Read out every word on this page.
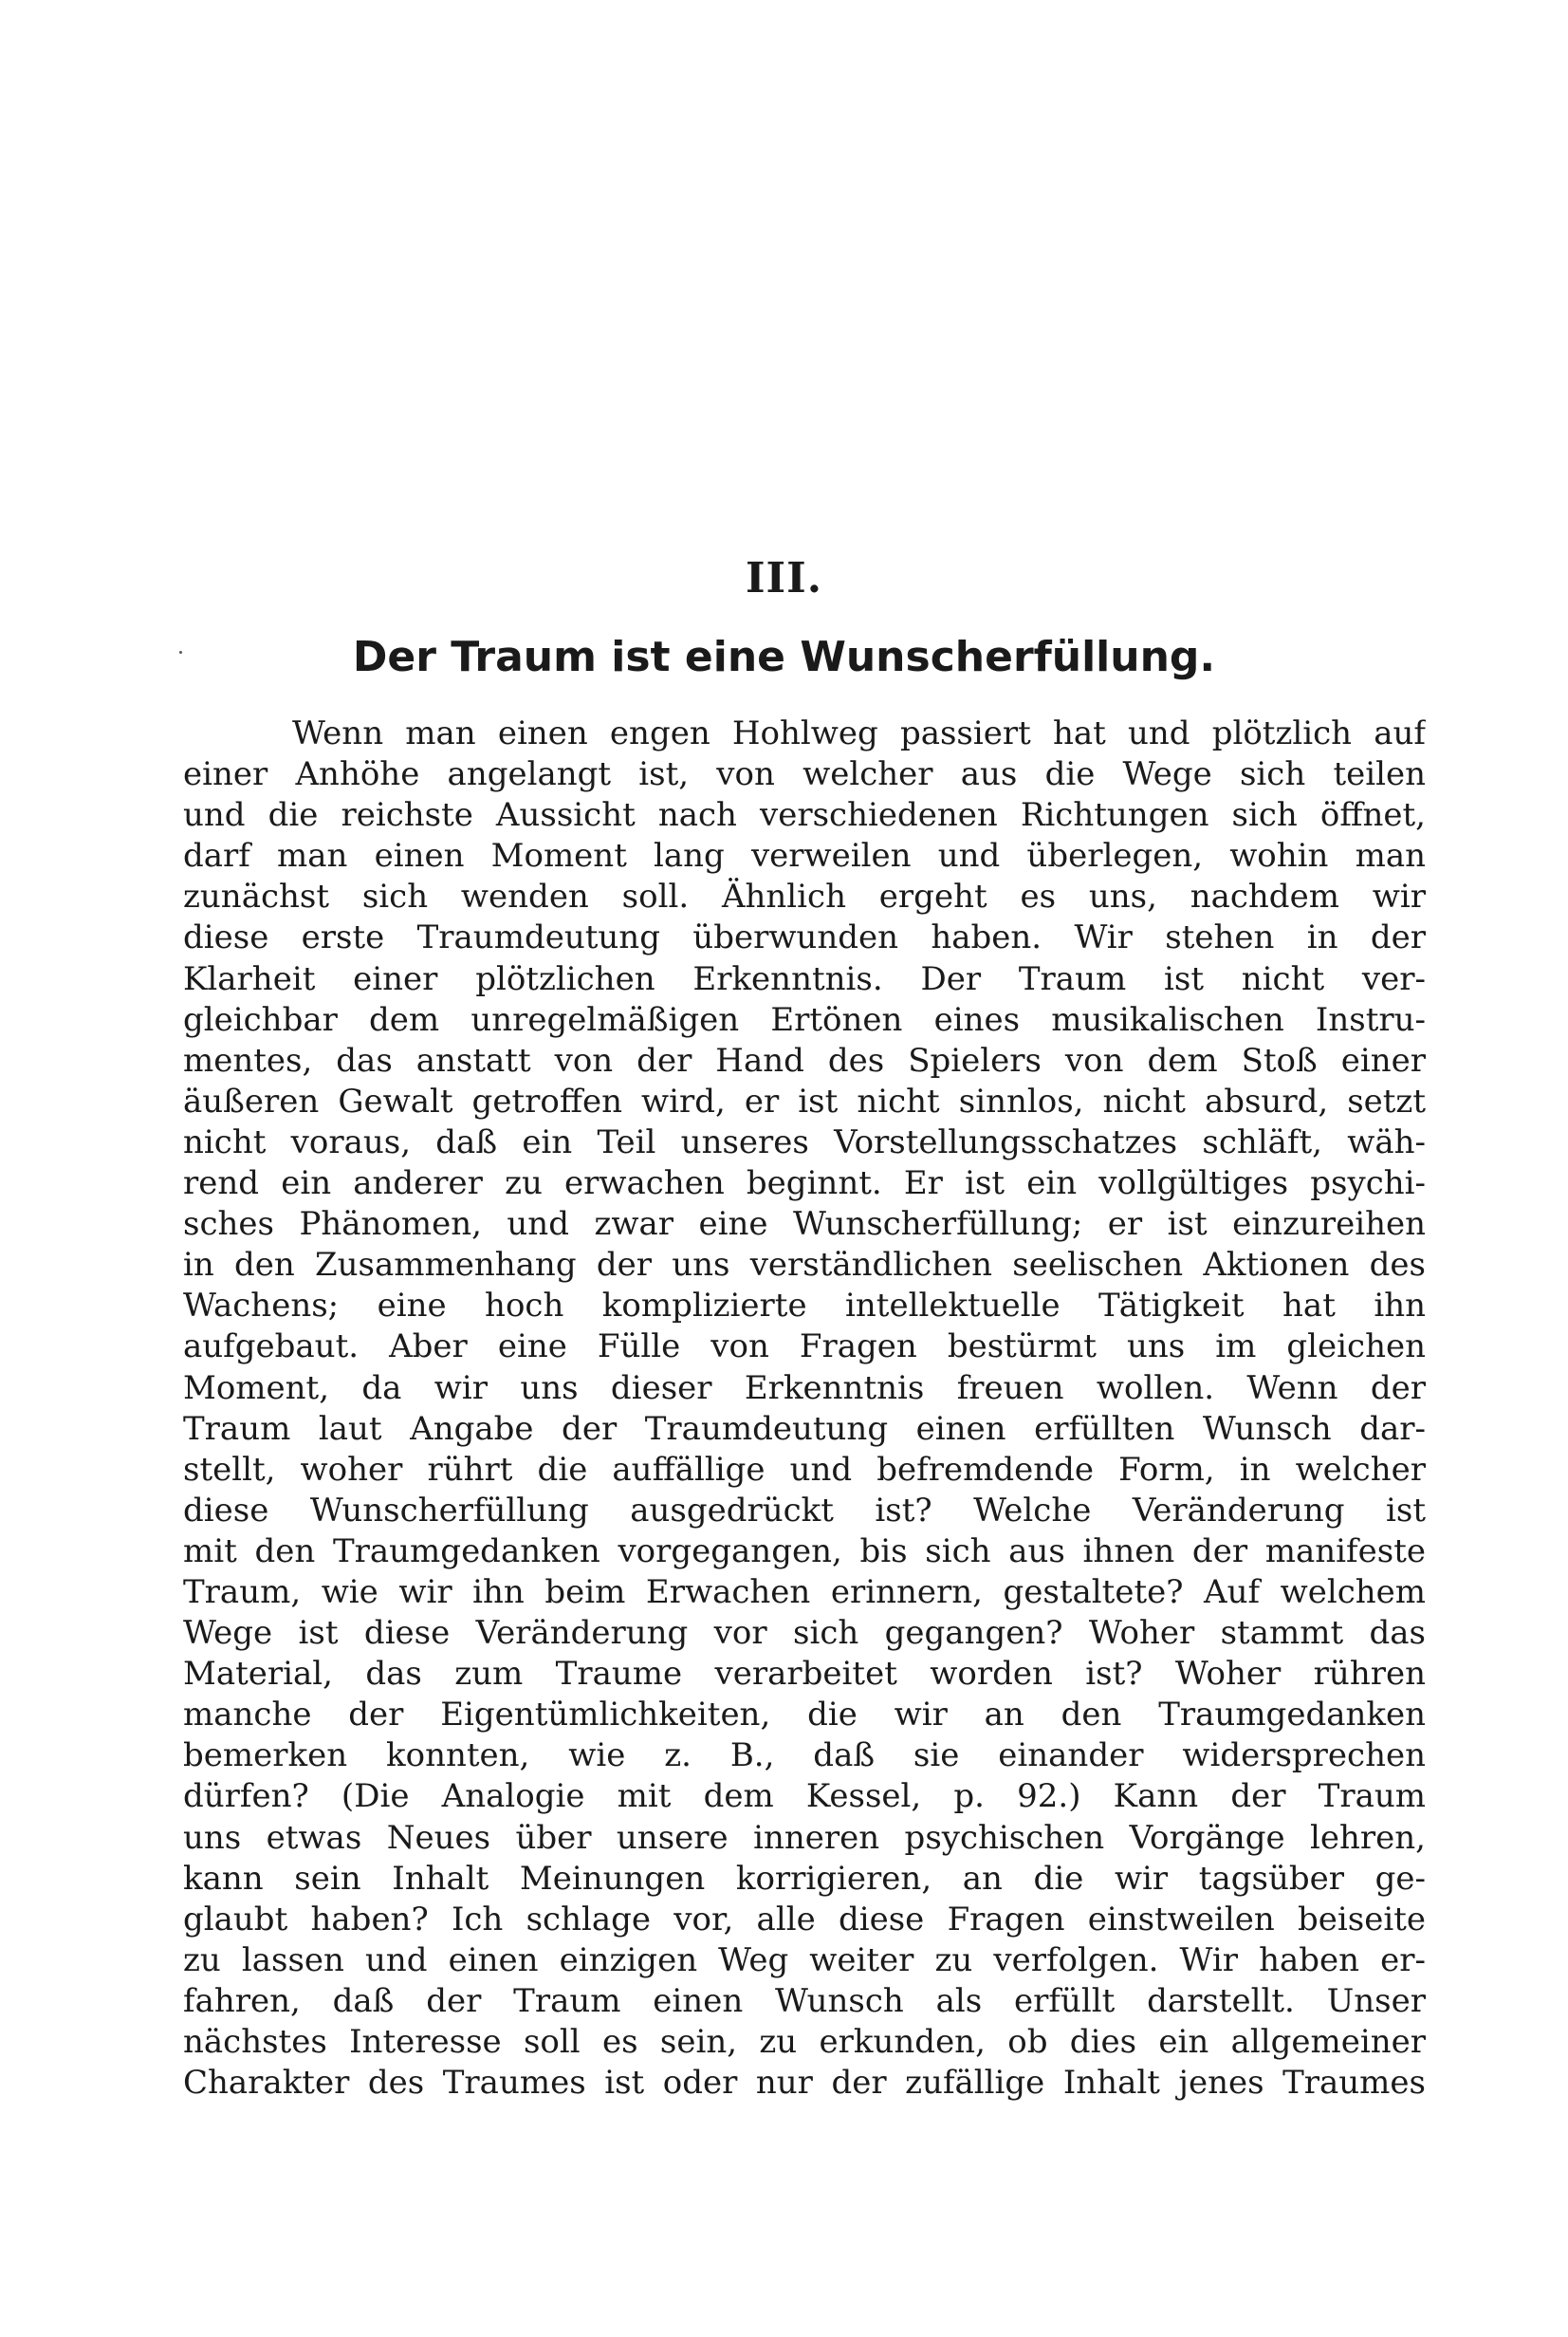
III.
Der Traum ist eine Wunscherfüllung.
Wenn man einen engen Hohlweg passiert hat und plötzlich auf
einer Anhöhe angelangt ist, von welcher aus die Wege sich teilen
und die reichste Aussicht nach verschiedenen Richtungen sich öffnet,
darf man einen Moment lang verweilen und überlegen, wohin man
zunächst sich wenden soll. Ähnlich ergeht es uns, nachdem wir
diese erste Traumdeutung überwunden haben. Wir stehen in der
Klarheit einer plötzlichen Erkenntnis. Der Traum ist nicht ver-
gleichbar dem unregelmäßigen Ertönen eines musikalischen Instru-
mentes, das anstatt von der Hand des Spielers von dem Stoß einer
äußeren Gewalt getroffen wird, er ist nicht sinnlos, nicht absurd, setzt
nicht voraus, daß ein Teil unseres Vorstellungsschatzes schläft, wäh-
rend ein anderer zu erwachen beginnt. Er ist ein vollgültiges psychi-
sches Phänomen, und zwar eine Wunscherfüllung; er ist einzureihen
in den Zusammenhang der uns verständlichen seelischen Aktionen des
Wachens; eine hoch komplizierte intellektuelle Tätigkeit hat ihn
aufgebaut. Aber eine Fülle von Fragen bestürmt uns im gleichen
Moment, da wir uns dieser Erkenntnis freuen wollen. Wenn der
Traum laut Angabe der Traumdeutung einen erfüllten Wunsch dar-
stellt, woher rührt die auffällige und befremdende Form, in welcher
diese Wunscherfüllung ausgedrückt ist? Welche Veränderung ist
mit den Traumgedanken vorgegangen, bis sich aus ihnen der manifeste
Traum, wie wir ihn beim Erwachen erinnern, gestaltete? Auf welchem
Wege ist diese Veränderung vor sich gegangen? Woher stammt das
Material, das zum Traume verarbeitet worden ist? Woher rühren
manche der Eigentümlichkeiten, die wir an den Traumgedanken
bemerken konnten, wie z. B., daß sie einander widersprechen
dürfen? (Die Analogie mit dem Kessel, p. 92.) Kann der Traum
uns etwas Neues über unsere inneren psychischen Vorgänge lehren,
kann sein Inhalt Meinungen korrigieren, an die wir tagsüber ge-
glaubt haben? Ich schlage vor, alle diese Fragen einstweilen beiseite
zu lassen und einen einzigen Weg weiter zu verfolgen. Wir haben er-
fahren, daß der Traum einen Wunsch als erfüllt darstellt. Unser
nächstes Interesse soll es sein, zu erkunden, ob dies ein allgemeiner
Charakter des Traumes ist oder nur der zufällige Inhalt jenes Traumes
